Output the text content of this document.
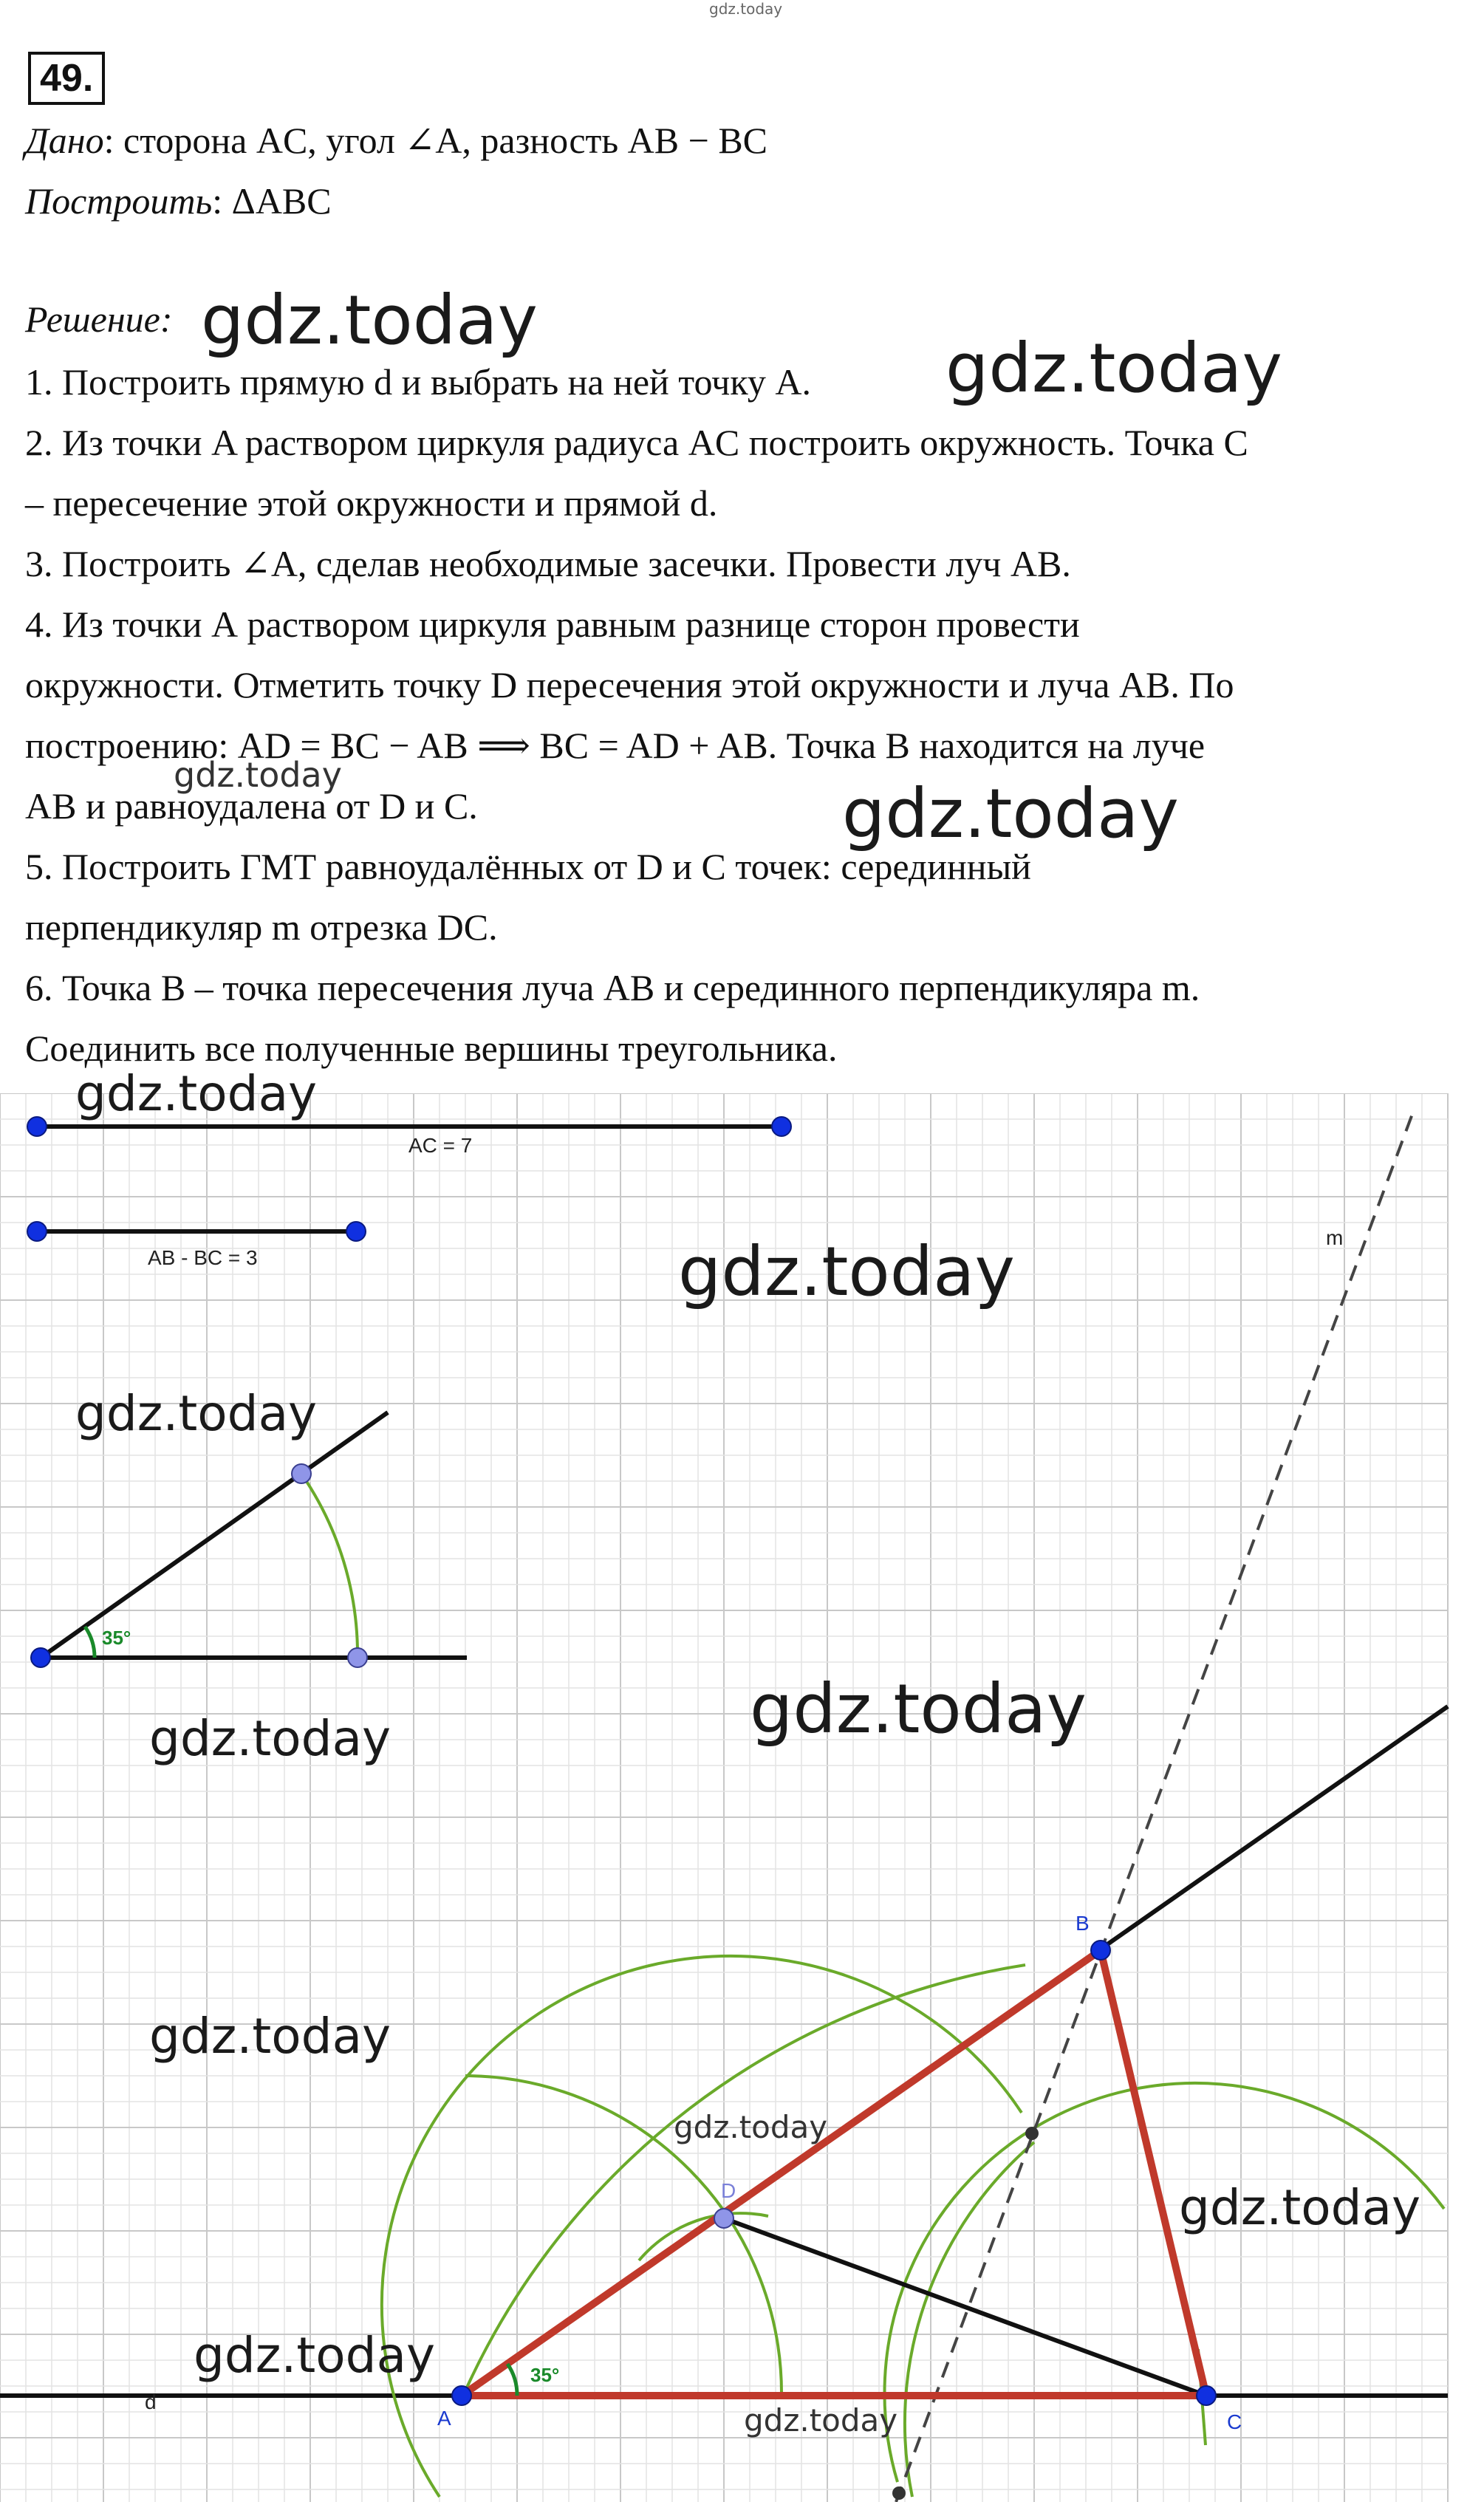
gdz.today
49.
Дано: сторона AC, угол ∠A, разность AB − BC
Построить: ΔABC
Решение:
1. Построить прямую d и выбрать на ней точку A.
2. Из точки A раствором циркуля радиуса AC построить окружность. Точка C
– пересечение этой окружности и прямой d.
3. Построить ∠A, сделав необходимые засечки. Провести луч AB.
4. Из точки А раствором циркуля равным разнице сторон провести
окружности. Отметить точку D пересечения этой окружности и луча AB. По
построению: AD = BC − AB ⟹ BC = AD + AB. Точка B находится на луче
AB и равноудалена от D и C.
5. Построить ГМТ равноудалённых от D и C точек: серединный
перпендикуляр m отрезка DC.
6. Точка B – точка пересечения луча AB и серединного перпендикуляра m.
Соединить все полученные вершины треугольника.
AC = 7
AB - BC = 3
35°
d
m
35°
A
B
C
D
gdz.today
gdz.today
gdz.today	gdz.today
gdz.today
gdz.today
gdz.today
gdz.today	gdz.today
gdz.today
gdz.today
gdz.today
gdz.today
gdz.today
